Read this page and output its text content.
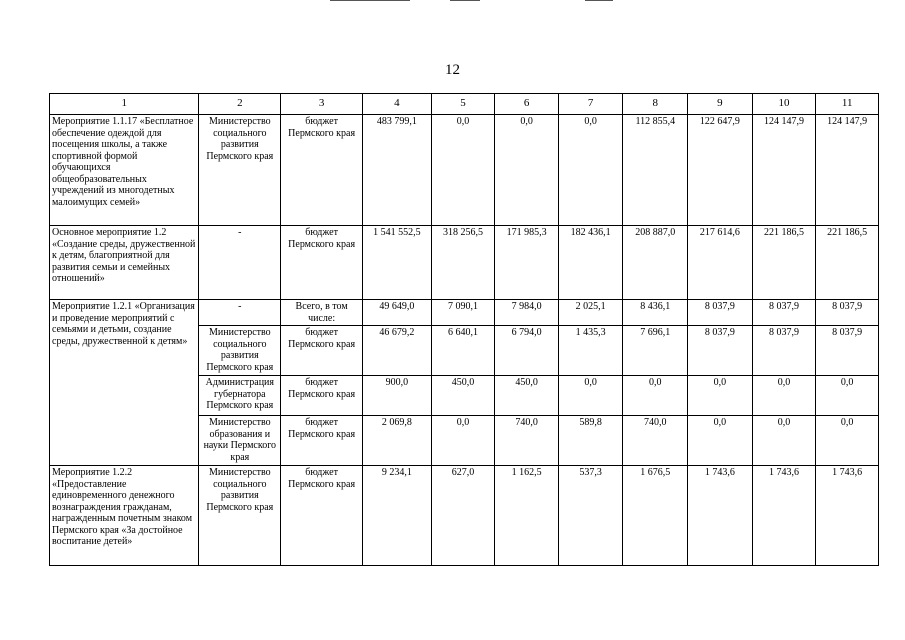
12
1	2	3	4	5	6	7	8	9	10	11
Мероприятие 1.1.17 «Бесплатное обеспечение одеждой для посещения школы, а также спортивной формой обучающихся общеобразовательных учреждений из многодетных малоимущих семей»	Министерство социального развития Пермского края	бюджет Пермского края	483 799,1	0,0	0,0	0,0	112 855,4	122 647,9	124 147,9	124 147,9
Основное мероприятие 1.2 «Создание среды, дружественной к детям, благоприятной для развития семьи и семейных отношений»	-	бюджет Пермского края	1 541 552,5	318 256,5	171 985,3	182 436,1	208 887,0	217 614,6	221 186,5	221 186,5
Мероприятие 1.2.1 «Организация и проведение мероприятий с семьями и детьми, создание среды, дружественной к детям»	-	Всего, в том числе:	49 649,0	7 090,1	7 984,0	2 025,1	8 436,1	8 037,9	8 037,9	8 037,9
	Министерство социального развития Пермского края	бюджет Пермского края	46 679,2	6 640,1	6 794,0	1 435,3	7 696,1	8 037,9	8 037,9	8 037,9
	Администрация губернатора Пермского края	бюджет Пермского края	900,0	450,0	450,0	0,0	0,0	0,0	0,0	0,0
	Министерство образования и науки Пермского края	бюджет Пермского края	2 069,8	0,0	740,0	589,8	740,0	0,0	0,0	0,0
Мероприятие 1.2.2 «Предоставление единовременного денежного вознаграждения гражданам, награжденным почетным знаком Пермского края «За достойное воспитание детей»	Министерство социального развития Пермского края	бюджет Пермского края	9 234,1	627,0	1 162,5	537,3	1 676,5	1 743,6	1 743,6	1 743,6
